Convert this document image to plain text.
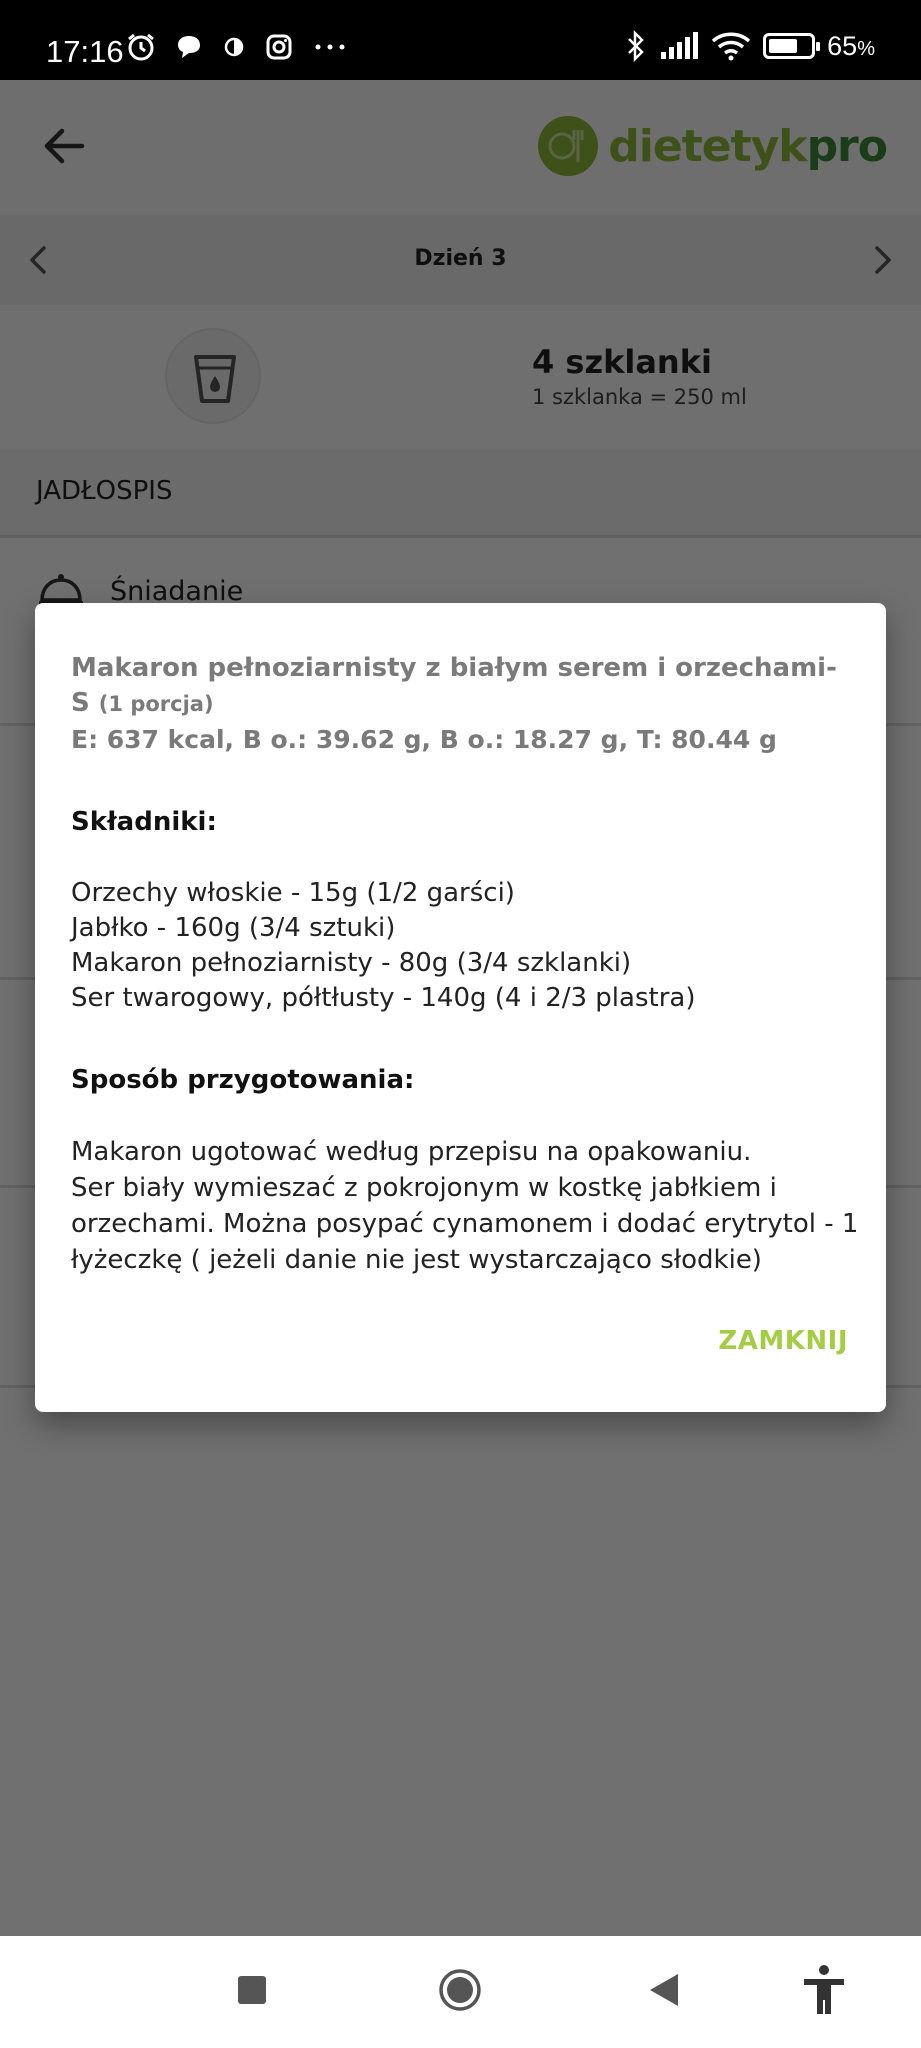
17:16	65%
Makaron pełnoziarnisty z białym serem i orzechami- S (1 porcja)
E: 637 kcal, B o.: 39.62 g, B o.: 18.27 g, T: 80.44 g
Składniki:
Orzechy włoskie - 15g (1/2 garści)
Jabłko - 160g (3/4 sztuki)
Makaron pełnoziarnisty - 80g (3/4 szklanki)
Ser twarogowy, półtłusty - 140g (4 i 2/3 plastra)
Sposób przygotowania:
Makaron ugotować według przepisu na opakowaniu.
Ser biały wymieszać z pokrojonym w kostkę jabłkiem i orzechami. Można posypać cynamonem i dodać erytrytol - 1 łyżeczkę ( jeżeli danie nie jest wystarczająco słodkie)
ZAMKNIJ
